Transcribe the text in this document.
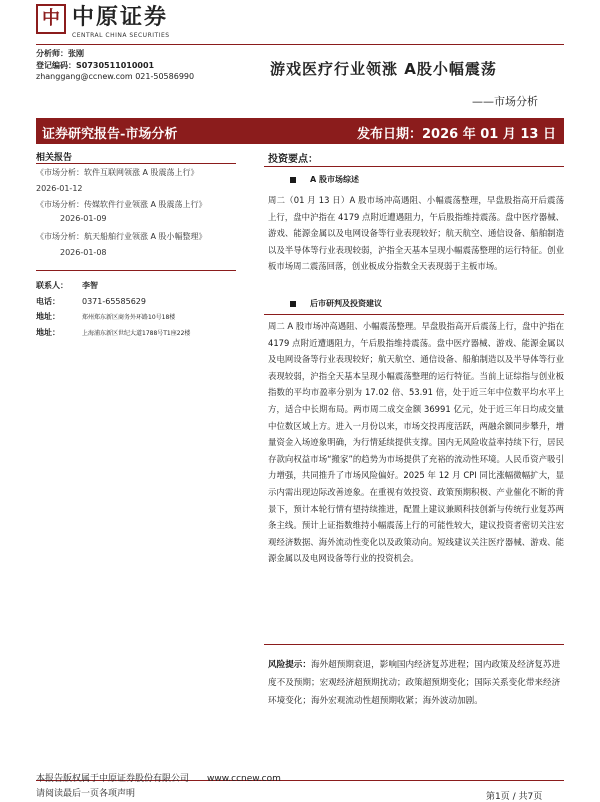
中 中原证券
CENTRAL CHINA SECURITIES
分析师：张刚
登记编码：S0730511010001
zhanggang@ccnew.com 021-50586990	游戏医疗行业领涨 A股小幅震荡
——市场分析
证券研究报告-市场分析	发布日期：2026 年 01 月 13 日
相关报告
《市场分析：软件互联网领涨 A 股震荡上行》
2026-01-12
《市场分析：传媒软件行业领涨 A 股震荡上行》
2026-01-09
《市场分析：航天船舶行业领涨 A 股小幅整理》
2026-01-08
联系人： 李智
电话：	0371-65585629
地址：	郑州郑东新区商务外环路10号18楼
地址：	上海浦东新区世纪大道1788号T1座22楼
投资要点：
A 股市场综述
周二（01 月 13 日）A 股市场冲高遇阻、小幅震荡整理，早盘股指高开后震荡上行，盘中沪指在 4179 点附近遭遇阻力，午后股指维持震荡。盘中医疗器械、游戏、能源金属以及电网设备等行业表现较好；航天航空、通信设备、船舶制造以及半导体等行业表现较弱，沪指全天基本呈现小幅震荡整理的运行特征。创业板市场周二震荡回落，创业板成分指数全天表现弱于主板市场。
后市研判及投资建议
周二 A 股市场冲高遇阻、小幅震荡整理。早盘股指高开后震荡上行，盘中沪指在 4179 点附近遭遇阻力，午后股指维持震荡。盘中医疗器械、游戏、能源金属以及电网设备等行业表现较好；航天航空、通信设备、船舶制造以及半导体等行业表现较弱，沪指全天基本呈现小幅震荡整理的运行特征。当前上证综指与创业板指数的平均市盈率分别为 17.02 倍、53.91 倍，处于近三年中位数平均水平上方，适合中长期布局。两市周二成交金额 36991 亿元，处于近三年日均成交量中位数区域上方。进入一月份以来，市场交投再度活跃，两融余额同步攀升，增量资金入场迹象明确，为行情延续提供支撑。国内无风险收益率持续下行，居民存款向权益市场“搬家”的趋势为市场提供了充裕的流动性环境。人民币资产吸引力增强，共同推升了市场风险偏好。2025 年 12 月 CPI 同比涨幅微幅扩大，显示内需出现边际改善迹象。在重视有效投资、政策预期积极、产业催化不断的背景下，预计本轮行情有望持续推进，配置上建议兼顾科技创新与传统行业复苏两条主线。预计上证指数维持小幅震荡上行的可能性较大，建议投资者密切关注宏观经济数据、海外流动性变化以及政策动向。短线建议关注医疗器械、游戏、能源金属以及电网设备等行业的投资机会。
风险提示：海外超预期衰退，影响国内经济复苏进程；国内政策及经济复苏进度不及预期；宏观经济超预期扰动；政策超预期变化；国际关系变化带来经济环境变化；海外宏观流动性超预期收紧；海外波动加剧。
本报告版权属于中原证券股份有限公司　　www.ccnew.com
请阅读最后一页各项声明	第1页 / 共7页
